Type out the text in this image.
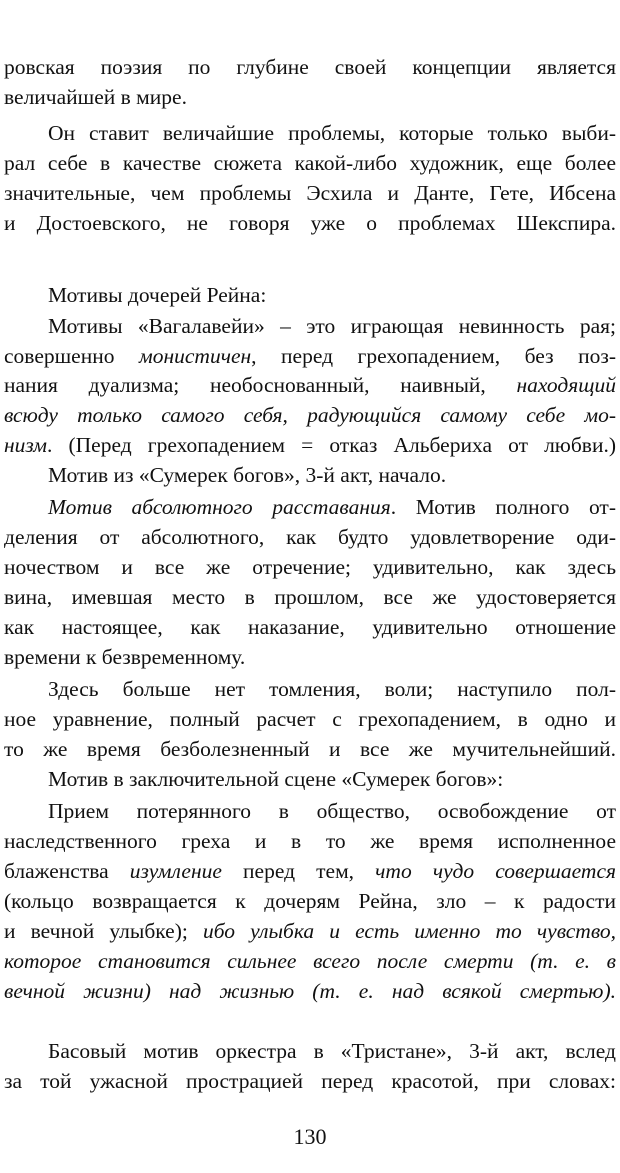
ровская поэзия по глубине своей концепции является
величайшей в мире.
Он ставит величайшие проблемы, которые только выби-
рал себе в качестве сюжета какой-либо художник, еще более
значительные, чем проблемы Эсхила и Данте, Гете, Ибсена
и Достоевского, не говоря уже о проблемах Шекспира.
Мотивы дочерей Рейна:
Мотивы «Вагалавейи» – это играющая невинность рая;
совершенно монистичен, перед грехопадением, без поз-
нания дуализма; необоснованный, наивный, находящий
всюду только самого себя, радующийся самому себе мо-
низм. (Перед грехопадением = отказ Альбериха от любви.)
Мотив из «Сумерек богов», 3-й акт, начало.
Мотив абсолютного расставания. Мотив полного от-
деления от абсолютного, как будто удовлетворение оди-
ночеством и все же отречение; удивительно, как здесь
вина, имевшая место в прошлом, все же удостоверяется
как настоящее, как наказание, удивительно отношение
времени к безвременному.
Здесь больше нет томления, воли; наступило пол-
ное уравнение, полный расчет с грехопадением, в одно и
то же время безболезненный и все же мучительнейший.
Мотив в заключительной сцене «Сумерек богов»:
Прием потерянного в общество, освобождение от
наследственного греха и в то же время исполненное
блаженства изумление перед тем, что чудо совершается
(кольцо возвращается к дочерям Рейна, зло – к радости
и вечной улыбке); ибо улыбка и есть именно то чувство,
которое становится сильнее всего после смерти (т. е. в
вечной жизни) над жизнью (т. е. над всякой смертью).
Басовый мотив оркестра в «Тристане», 3-й акт, вслед
за той ужасной прострацией перед красотой, при словах:
130
